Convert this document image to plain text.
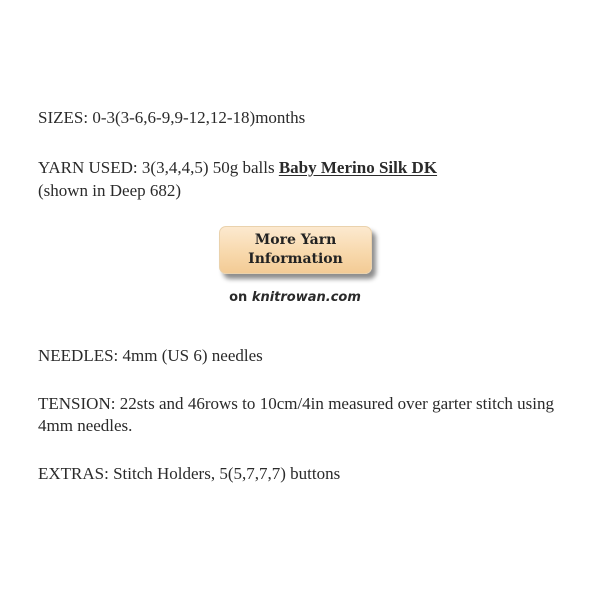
SIZES: 0-3(3-6,6-9,9-12,12-18)months

YARN USED: 3(3,4,4,5) 50g balls Baby Merino Silk DK

(shown in Deep 682)

More Yarn
Information
on knitrowan.com

NEEDLES: 4mm (US 6) needles

TENSION: 22sts and 46rows to 10cm/4in measured over garter stitch using 4mm needles.

EXTRAS: Stitch Holders, 5(5,7,7,7) buttons
